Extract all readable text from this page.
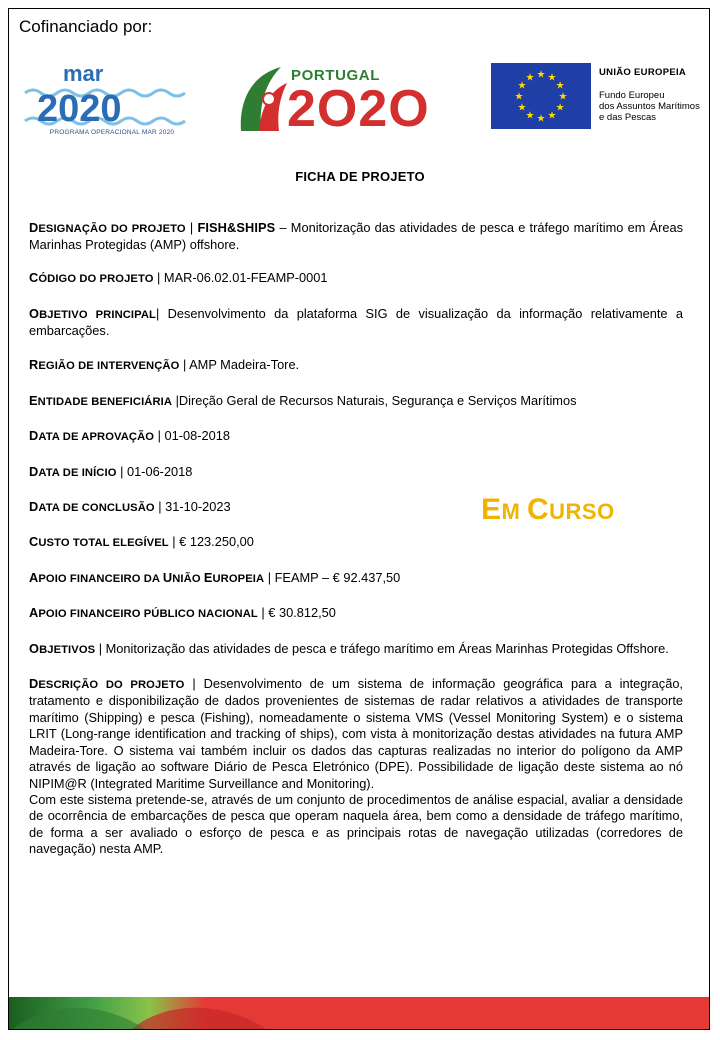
Cofinanciado por:
mar
2020
PROGRAMA OPERACIONAL MAR 2020
PORTUGAL
2O2O
★ ★
★
★
★
★
★
★
★
★
★
★	UNIÃO EUROPEIA
Fundo Europeu
dos Assuntos Marítimos
e das Pescas
FICHA DE PROJETO
EM CURSO

DESIGNAÇÃO DO PROJETO | FISH&SHIPS – Monitorização das atividades de pesca e tráfego marítimo em Áreas Marinhas Protegidas (AMP) offshore.

CÓDIGO DO PROJETO | MAR-06.02.01-FEAMP-0001

OBJETIVO PRINCIPAL| Desenvolvimento da plataforma SIG de visualização da informação relativamente a embarcações.

REGIÃO DE INTERVENÇÃO | AMP Madeira-Tore.

ENTIDADE BENEFICIÁRIA |Direção Geral de Recursos Naturais, Segurança e Serviços Marítimos

DATA DE APROVAÇÃO | 01-08-2018

DATA DE INÍCIO | 01-06-2018

DATA DE CONCLUSÃO | 31-10-2023

CUSTO TOTAL ELEGÍVEL | € 123.250,00

APOIO FINANCEIRO DA UNIÃO EUROPEIA | FEAMP – € 92.437,50

APOIO FINANCEIRO PÚBLICO NACIONAL | € 30.812,50

OBJETIVOS | Monitorização das atividades de pesca e tráfego marítimo em Áreas Marinhas Protegidas Offshore.

DESCRIÇÃO DO PROJETO | Desenvolvimento de um sistema de informação geográfica para a integração, tratamento e disponibilização de dados provenientes de sistemas de radar relativos a atividades de transporte marítimo (Shipping) e pesca (Fishing), nomeadamente o sistema VMS (Vessel Monitoring System) e o sistema LRIT (Long-range identification and tracking of ships), com vista à monitorização destas atividades na futura AMP Madeira-Tore. O sistema vai também incluir os dados das capturas realizadas no interior do polígono da AMP através de ligação ao software Diário de Pesca Eletrónico (DPE). Possibilidade de ligação deste sistema ao nó NIPIM@R (Integrated Maritime Surveillance and Monitoring).

Com este sistema pretende-se, através de um conjunto de procedimentos de análise espacial, avaliar a densidade de ocorrência de embarcações de pesca que operam naquela área, bem como a densidade de tráfego marítimo, de forma a ser avaliado o esforço de pesca e as principais rotas de navegação utilizadas (corredores de navegação) nesta AMP.
